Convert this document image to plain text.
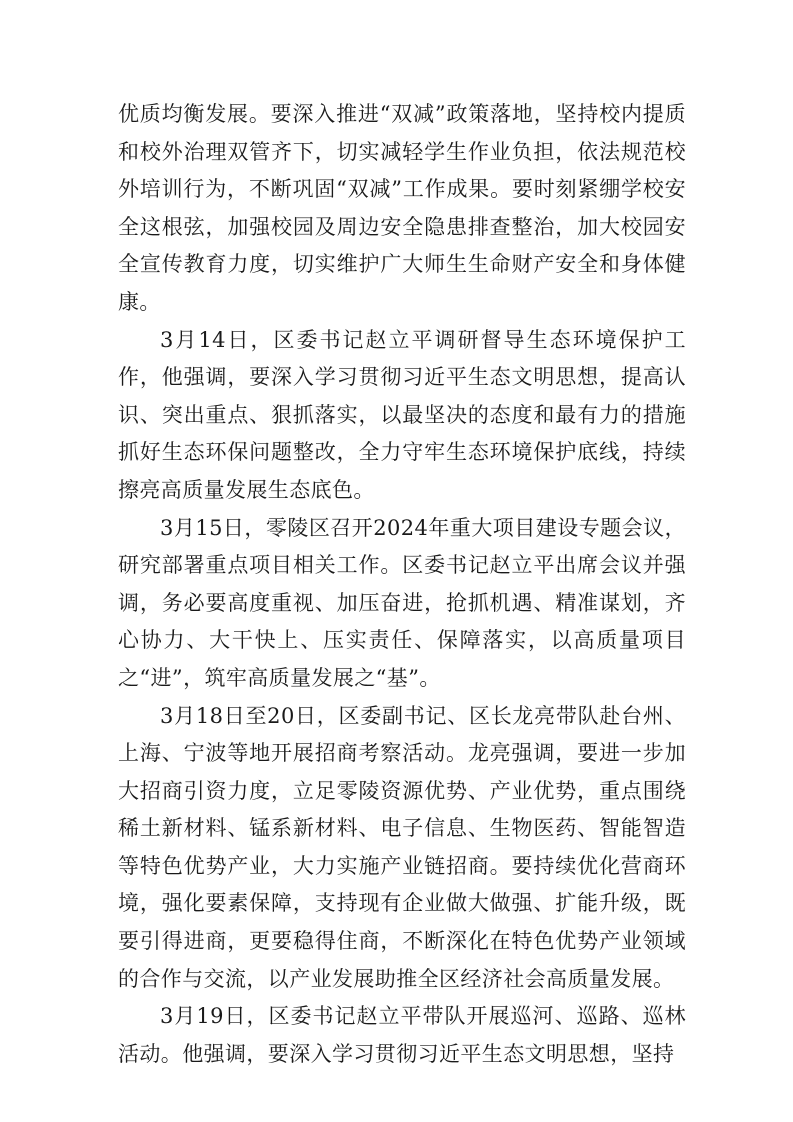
优质均衡发展。要深入推进“双减”政策落地，坚持校内提质和校外治理双管齐下，切实减轻学生作业负担，依法规范校外培训行为，不断巩固“双减”工作成果。要时刻紧绷学校安全这根弦，加强校园及周边安全隐患排查整治，加大校园安全宣传教育力度，切实维护广大师生生命财产安全和身体健康。

3月14日，区委书记赵立平调研督导生态环境保护工作，他强调，要深入学习贯彻习近平生态文明思想，提高认识、突出重点、狠抓落实，以最坚决的态度和最有力的措施抓好生态环保问题整改，全力守牢生态环境保护底线，持续擦亮高质量发展生态底色。

3月15日，零陵区召开2024年重大项目建设专题会议，研究部署重点项目相关工作。区委书记赵立平出席会议并强调，务必要高度重视、加压奋进，抢抓机遇、精准谋划，齐心协力、大干快上、压实责任、保障落实，以高质量项目之“进”，筑牢高质量发展之“基”。

3月18日至20日，区委副书记、区长龙亮带队赴台州、上海、宁波等地开展招商考察活动。龙亮强调，要进一步加大招商引资力度，立足零陵资源优势、产业优势，重点围绕稀土新材料、锰系新材料、电子信息、生物医药、智能智造等特色优势产业，大力实施产业链招商。要持续优化营商环境，强化要素保障，支持现有企业做大做强、扩能升级，既要引得进商，更要稳得住商，不断深化在特色优势产业领域的合作与交流，以产业发展助推全区经济社会高质量发展。

3月19日，区委书记赵立平带队开展巡河、巡路、巡林活动。他强调，要深入学习贯彻习近平生态文明思想，坚持
